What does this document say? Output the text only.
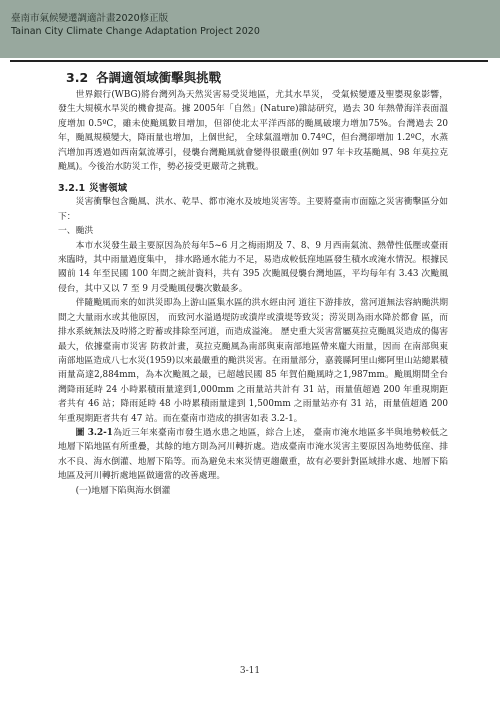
臺南市氣候變遷調適計畫2020修正版
Tainan City Climate Change Adaptation Project 2020
3.2 各調適領域衝擊與挑戰

世界銀行(WBG)將台灣列為天然災害易受災地區，尤其水旱災， 受氣候變遷及聖嬰現象影響，發生大規模水旱災的機會提高。據 2005年「自然」(Nature)雜誌研究，過去 30 年熱帶海洋表面溫度增加 0.5ºC，雖未使颱風數目增加，但卻使北太平洋西部的颱風破壞力增加75%。台灣過去 20 年，颱風規模變大，降雨量也增加，上個世紀， 全球氣溫增加 0.74ºC，但台灣卻增加 1.2ºC，水蒸汽增加再透過如西南氣流導引，侵襲台灣颱風就會變得很嚴重(例如 97 年卡玫基颱風、98 年莫拉克颱風)。今後治水防災工作，勢必接受更嚴苛之挑戰。

3.2.1 災害領域

災害衝擊包含颱風、洪水、乾旱、都市淹水及坡地災害等。主要將臺南市面臨之災害衝擊區分如下：

一、颱洪

本市水災發生最主要原因為於每年5~6 月之梅雨期及 7、8、9 月西南氣流、熱帶性低壓或臺雨來臨時，其中雨量過度集中， 排水路通水能力不足，易造成較低窪地區發生積水或淹水情況。根據民國前 14 年至民國 100 年間之統計資料，共有 395 次颱風侵襲台灣地區，平均每年有 3.43 次颱風侵台，其中又以 7 至 9 月受颱風侵襲次數最多。

伴隨颱風而來的如洪災即為上游山區集水區的洪水經由河 道往下游排放，當河道無法容納颱洪期間之大量雨水或其他原因， 而致河水溢過堤防或潰岸或潰堤等致災；涝災則為雨水降於都會 區，而排水系統無法及時將之貯蓄或排除至河道，而造成溢淹。 歷史重大災害當屬莫拉克颱風災造成的傷害最大，依據臺南市災害 防救計畫，莫拉克颱風為南部與東南部地區帶來龐大雨量，因而 在南部與東南部地區造成八七水災(1959)以來最嚴重的颱洪災害。在雨量部分，嘉義縣阿里山鄉阿里山站總累積雨量高達2,884mm，為本次颱風之最，已超越民國 85 年賀伯颱風時之1,987mm。颱風期間全台灣降雨延時 24 小時累積雨量達到1,000mm 之雨量站共計有 31 站，雨量值超過 200 年重現期距者共有 46 站；降雨延時 48 小時累積雨量達到 1,500mm 之雨量站亦有 31 站，雨量值超過 200 年重現期距者共有 47 站。而在臺南市造成的損害如表 3.2-1。

圖 3.2-1為近三年來臺南市發生過水患之地區，綜合上述， 臺南市淹水地區多半與地勢較低之地層下陷地區有所重疊，其餘的地方則為河川轉折處。造成臺南市淹水災害主要原因為地勢低窪、排水不良、海水倒灌、地層下陷等。而為避免未來災情更趨嚴重，故有必要針對區域排水處、地層下陷地區及河川轉折處地區做適當的改善處理。

(一)地層下陷與海水倒灌
3-11
